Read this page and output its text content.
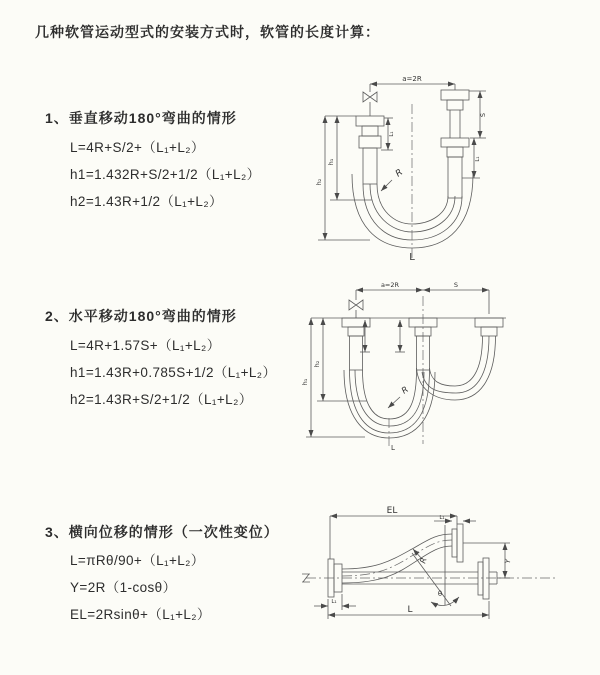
几种软管运动型式的安装方式时，软管的长度计算：
1、垂直移动180°弯曲的情形
L=4R+S/2+（L₁+L₂）
h1=1.432R+S/2+1/2（L₁+L₂）
h2=1.43R+1/2（L₁+L₂）
2、水平移动180°弯曲的情形
L=4R+1.57S+（L₁+L₂）
h1=1.43R+0.785S+1/2（L₁+L₂）
h2=1.43R+S/2+1/2（L₁+L₂）
3、横向位移的情形（一次性变位）
L=πRθ/90+（L₁+L₂）
Y=2R（1-cosθ）
EL=2Rsinθ+（L₁+L₂）
a=2R
h₂
h₁
L₁
S
L₁
R
L
a=2R	S
h₂
h₁
R
L
EL
L₁
Y
L
R
θ
L₁
